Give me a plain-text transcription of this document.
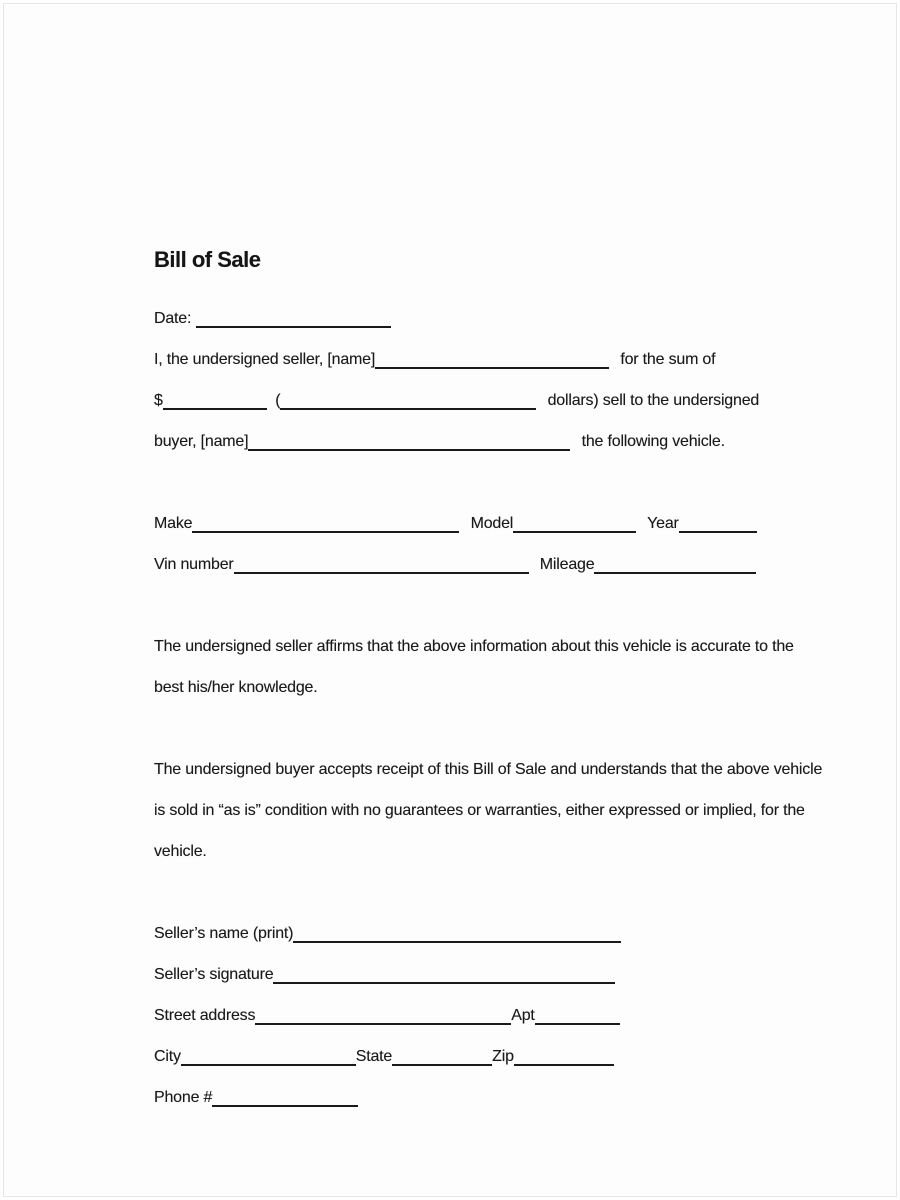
Bill of Sale
Date:
I, the undersigned seller, [name]	for the sum of
$	(	dollars) sell to the undersigned
buyer, [name]	the following vehicle.
Make	Model	Year
Vin number	Mileage
The undersigned seller affirms that the above information about this vehicle is accurate to the
best his/her knowledge.
The undersigned buyer accepts receipt of this Bill of Sale and understands that the above vehicle
is sold in “as is” condition with no guarantees or warranties, either expressed or implied, for the
vehicle.
Seller’s name (print)
Seller’s signature
Street address	Apt
City	State	Zip
Phone #
